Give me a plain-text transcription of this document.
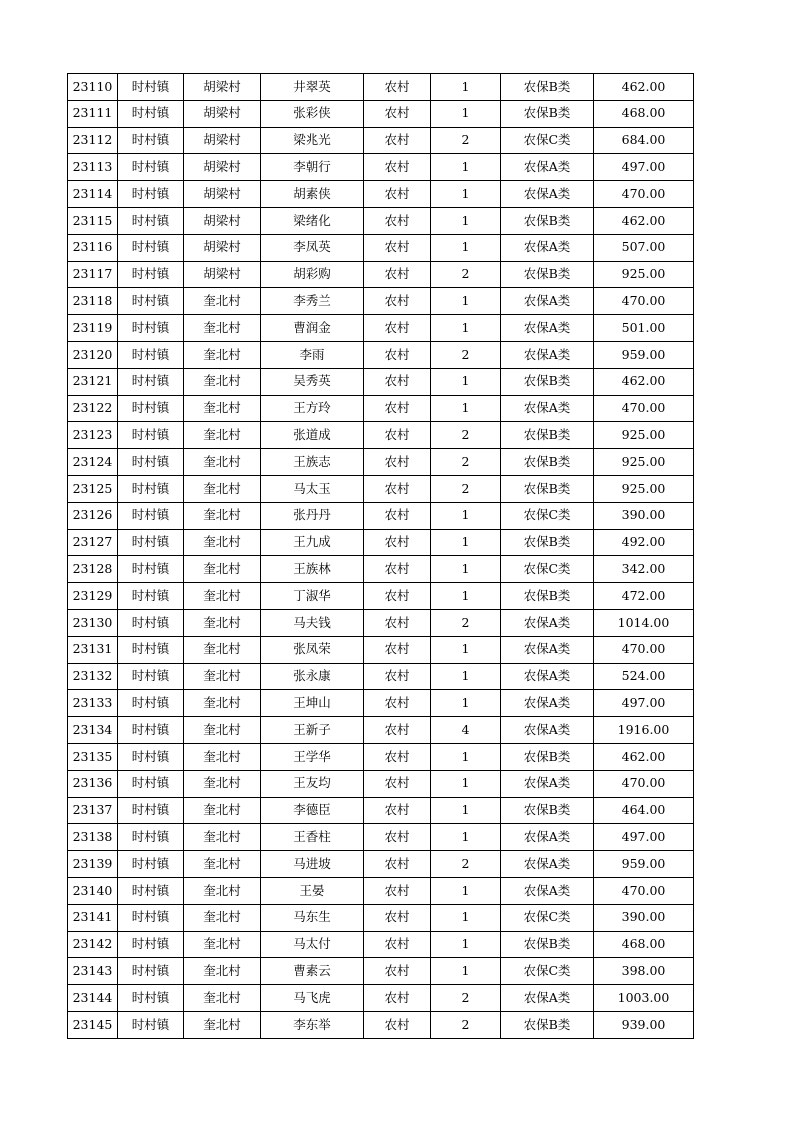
23110	时村镇	胡梁村	井翠英	农村	1	农保B类	462.00
23111	时村镇	胡梁村	张彩侠	农村	1	农保B类	468.00
23112	时村镇	胡梁村	梁兆光	农村	2	农保C类	684.00
23113	时村镇	胡梁村	李朝行	农村	1	农保A类	497.00
23114	时村镇	胡梁村	胡素侠	农村	1	农保A类	470.00
23115	时村镇	胡梁村	梁绪化	农村	1	农保B类	462.00
23116	时村镇	胡梁村	李凤英	农村	1	农保A类	507.00
23117	时村镇	胡梁村	胡彩购	农村	2	农保B类	925.00
23118	时村镇	奎北村	李秀兰	农村	1	农保A类	470.00
23119	时村镇	奎北村	曹润金	农村	1	农保A类	501.00
23120	时村镇	奎北村	李雨	农村	2	农保A类	959.00
23121	时村镇	奎北村	吴秀英	农村	1	农保B类	462.00
23122	时村镇	奎北村	王方玲	农村	1	农保A类	470.00
23123	时村镇	奎北村	张道成	农村	2	农保B类	925.00
23124	时村镇	奎北村	王族志	农村	2	农保B类	925.00
23125	时村镇	奎北村	马太玉	农村	2	农保B类	925.00
23126	时村镇	奎北村	张丹丹	农村	1	农保C类	390.00
23127	时村镇	奎北村	王九成	农村	1	农保B类	492.00
23128	时村镇	奎北村	王族林	农村	1	农保C类	342.00
23129	时村镇	奎北村	丁淑华	农村	1	农保B类	472.00
23130	时村镇	奎北村	马夫钱	农村	2	农保A类	1014.00
23131	时村镇	奎北村	张凤荣	农村	1	农保A类	470.00
23132	时村镇	奎北村	张永康	农村	1	农保A类	524.00
23133	时村镇	奎北村	王坤山	农村	1	农保A类	497.00
23134	时村镇	奎北村	王新子	农村	4	农保A类	1916.00
23135	时村镇	奎北村	王学华	农村	1	农保B类	462.00
23136	时村镇	奎北村	王友均	农村	1	农保A类	470.00
23137	时村镇	奎北村	李德臣	农村	1	农保B类	464.00
23138	时村镇	奎北村	王香柱	农村	1	农保A类	497.00
23139	时村镇	奎北村	马进坡	农村	2	农保A类	959.00
23140	时村镇	奎北村	王晏	农村	1	农保A类	470.00
23141	时村镇	奎北村	马东生	农村	1	农保C类	390.00
23142	时村镇	奎北村	马太付	农村	1	农保B类	468.00
23143	时村镇	奎北村	曹素云	农村	1	农保C类	398.00
23144	时村镇	奎北村	马飞虎	农村	2	农保A类	1003.00
23145	时村镇	奎北村	李东举	农村	2	农保B类	939.00
